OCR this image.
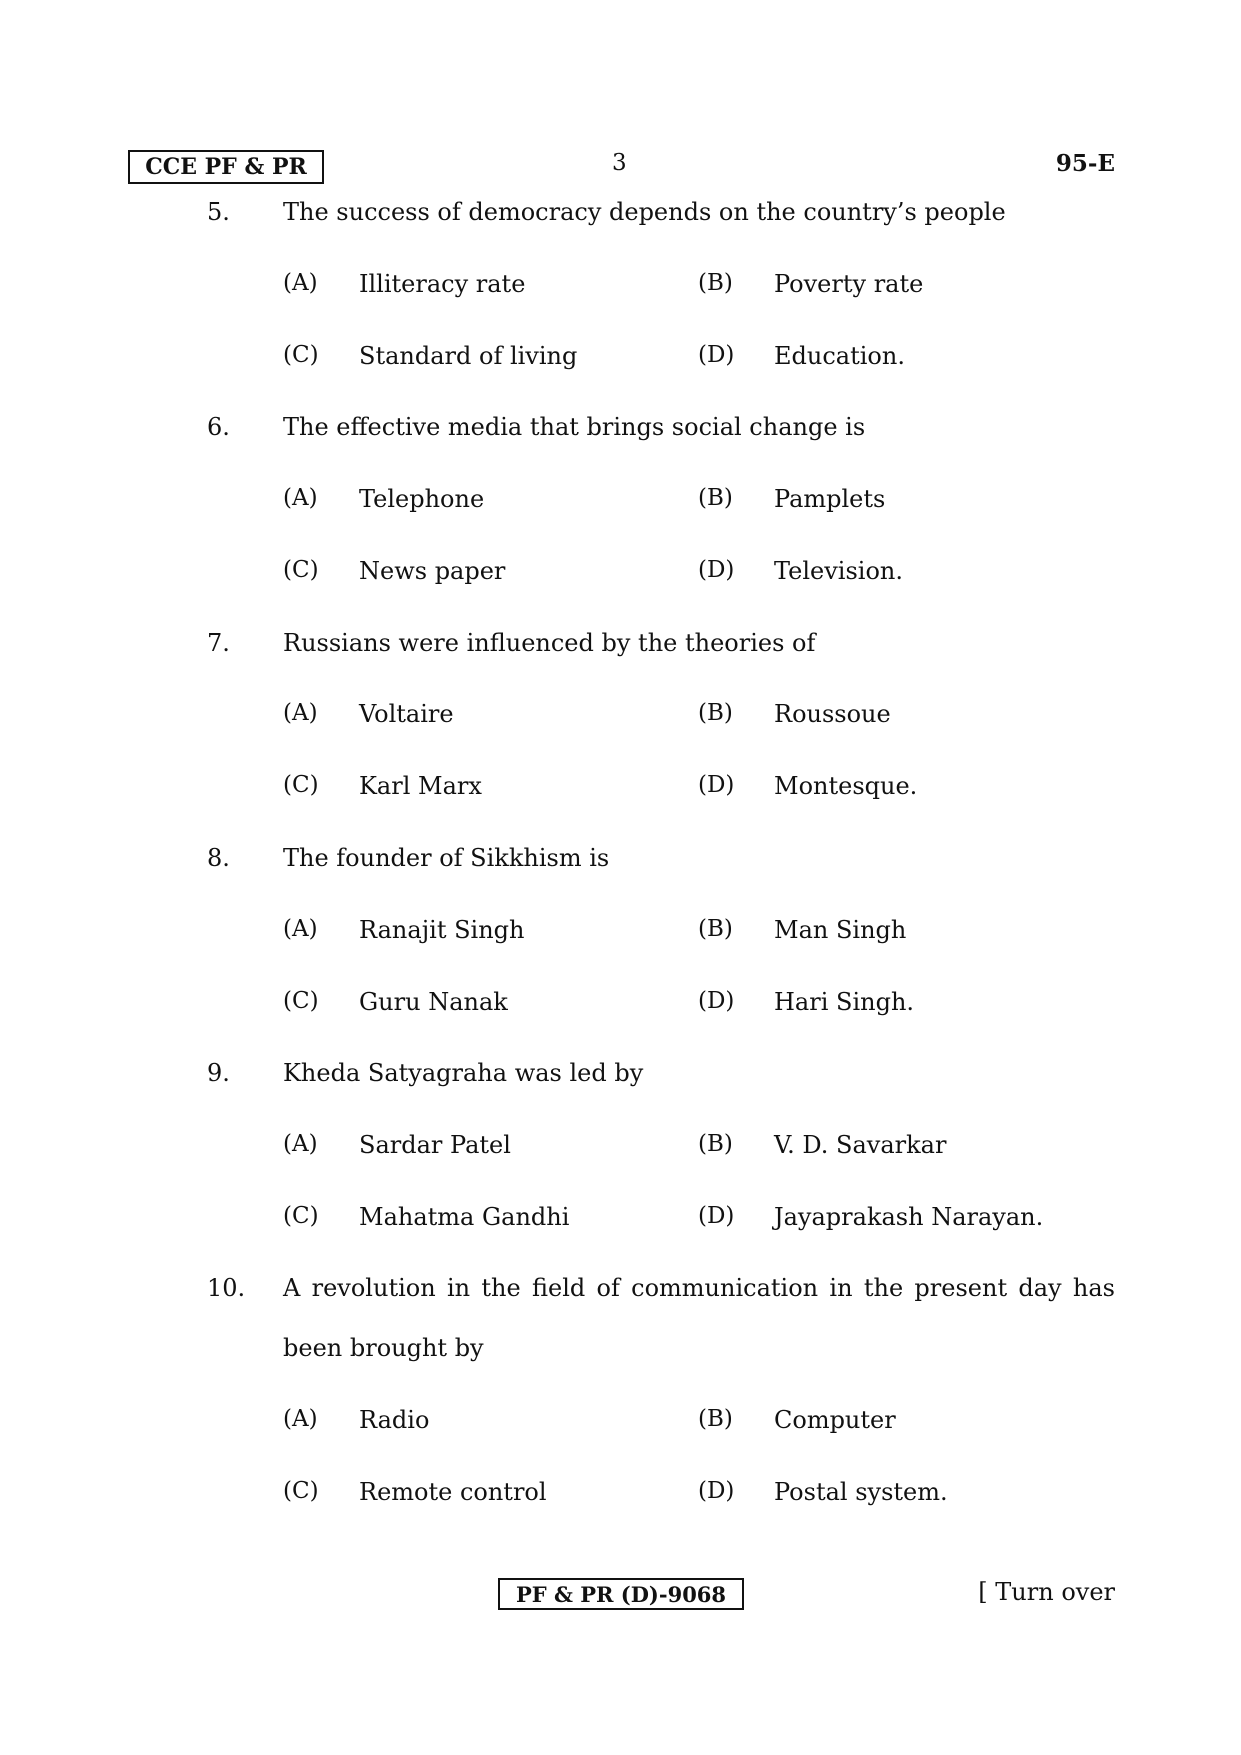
CCE PF & PR	3	95-E
5. The success of democracy depends on the country’s people
(A) Illiteracy rate	(B) Poverty rate
(C) Standard of living	(D) Education.
6. The effective media that brings social change is
(A) Telephone	(B) Pamplets
(C) News paper	(D) Television.
7. Russians were influenced by the theories of
(A) Voltaire	(B) Roussoue
(C) Karl Marx	(D) Montesque.
8. The founder of Sikkhism is
(A) Ranajit Singh	(B) Man Singh
(C) Guru Nanak	(D) Hari Singh.
9. Kheda Satyagraha was led by
(A) Sardar Patel	(B) V. D. Savarkar
(C) Mahatma Gandhi	(D) Jayaprakash Narayan.
10. A revolution in the field of communication in the present day has
been brought by
(A) Radio	(B) Computer
(C) Remote control	(D) Postal system.
PF & PR (D)-9068	[ Turn over
